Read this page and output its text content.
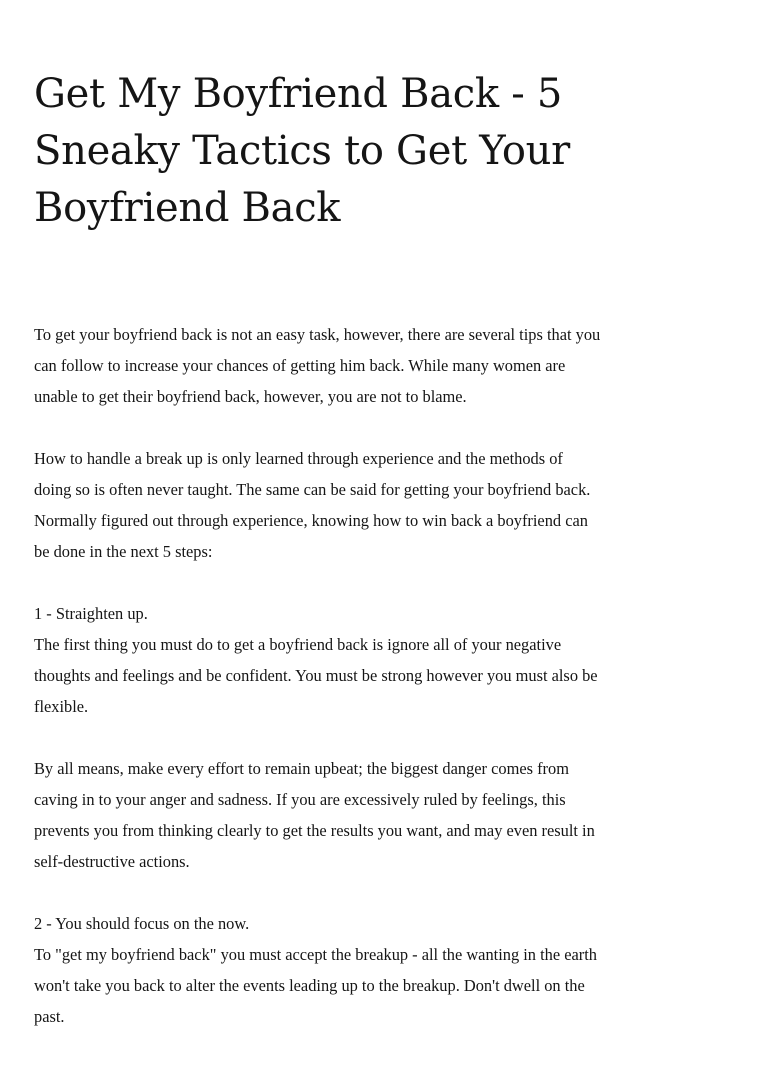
Get My Boyfriend Back - 5
Sneaky Tactics to Get Your
Boyfriend Back

To get your boyfriend back is not an easy task, however, there are several tips that you
can follow to increase your chances of getting him back. While many women are
unable to get their boyfriend back, however, you are not to blame.

How to handle a break up is only learned through experience and the methods of
doing so is often never taught. The same can be said for getting your boyfriend back.
Normally figured out through experience, knowing how to win back a boyfriend can
be done in the next 5 steps:

1 - Straighten up.
The first thing you must do to get a boyfriend back is ignore all of your negative
thoughts and feelings and be confident. You must be strong however you must also be
flexible.

By all means, make every effort to remain upbeat; the biggest danger comes from
caving in to your anger and sadness. If you are excessively ruled by feelings, this
prevents you from thinking clearly to get the results you want, and may even result in
self-destructive actions.

2 - You should focus on the now.
To "get my boyfriend back" you must accept the breakup - all the wanting in the earth
won't take you back to alter the events leading up to the breakup. Don't dwell on the
past.
